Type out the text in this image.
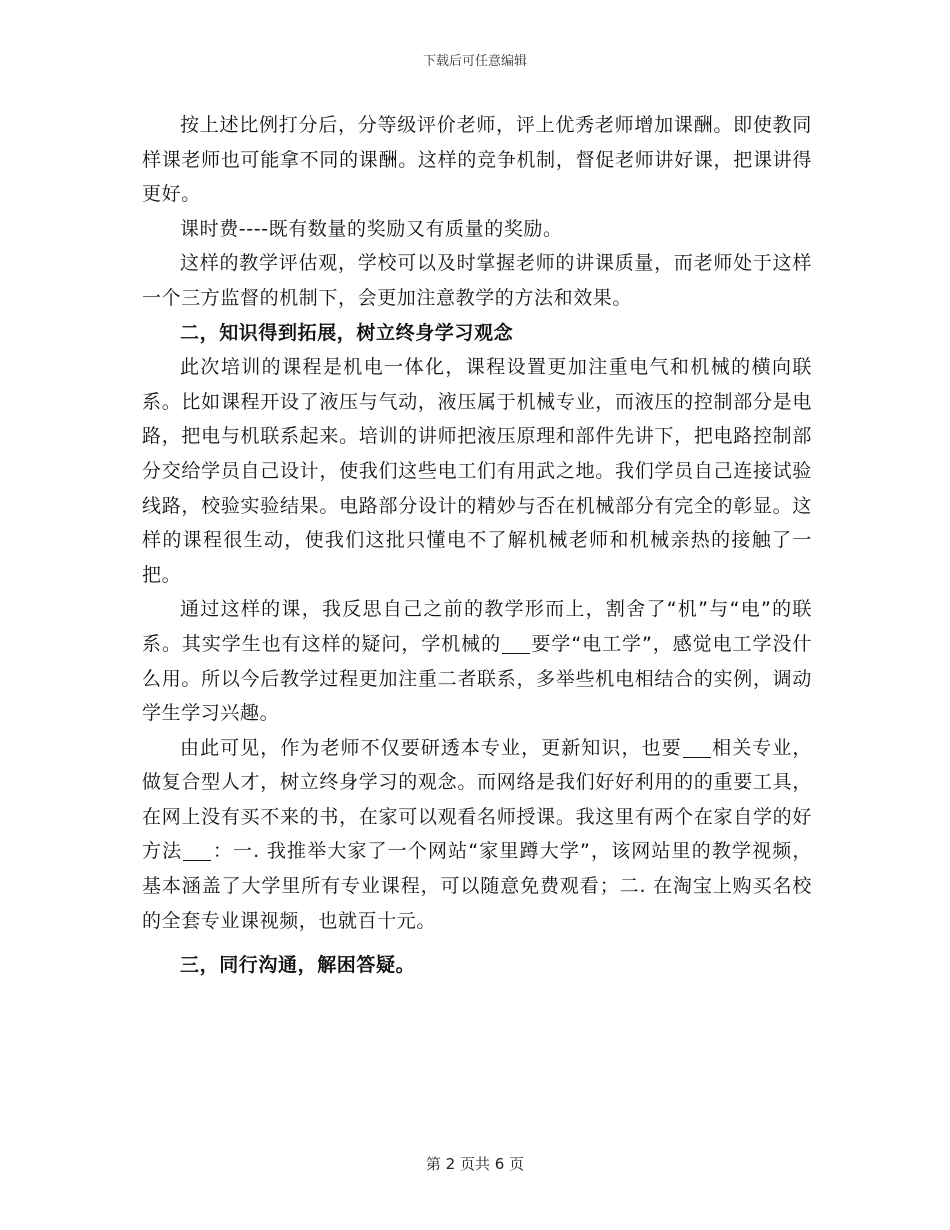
下载后可任意编辑

按上述比例打分后，分等级评价老师，评上优秀老师增加课酬。即使教同样课老师也可能拿不同的课酬。这样的竞争机制，督促老师讲好课，把课讲得更好。

课时费----既有数量的奖励又有质量的奖励。

这样的教学评估观，学校可以及时掌握老师的讲课质量，而老师处于这样一个三方监督的机制下，会更加注意教学的方法和效果。

二，知识得到拓展，树立终身学习观念

此次培训的课程是机电一体化，课程设置更加注重电气和机械的横向联系。比如课程开设了液压与气动，液压属于机械专业，而液压的控制部分是电路，把电与机联系起来。培训的讲师把液压原理和部件先讲下，把电路控制部分交给学员自己设计，使我们这些电工们有用武之地。我们学员自己连接试验线路，校验实验结果。电路部分设计的精妙与否在机械部分有完全的彰显。这样的课程很生动，使我们这批只懂电不了解机械老师和机械亲热的接触了一把。

通过这样的课，我反思自己之前的教学形而上，割舍了“机”与“电”的联系。其实学生也有这样的疑问，学机械的 要学“电工学”，感觉电工学没什么用。所以今后教学过程更加注重二者联系，多举些机电相结合的实例，调动学生学习兴趣。

由此可见，作为老师不仅要研透本专业，更新知识，也要 相关专业，做复合型人才，树立终身学习的观念。而网络是我们好好利用的的重要工具，在网上没有买不来的书，在家可以观看名师授课。我这里有两个在家自学的好方法 ：一. 我推举大家了一个网站“家里蹲大学”，该网站里的教学视频，基本涵盖了大学里所有专业课程，可以随意免费观看；二. 在淘宝上购买名校的全套专业课视频，也就百十元。

三，同行沟通，解困答疑。
第 2 页共 6 页
